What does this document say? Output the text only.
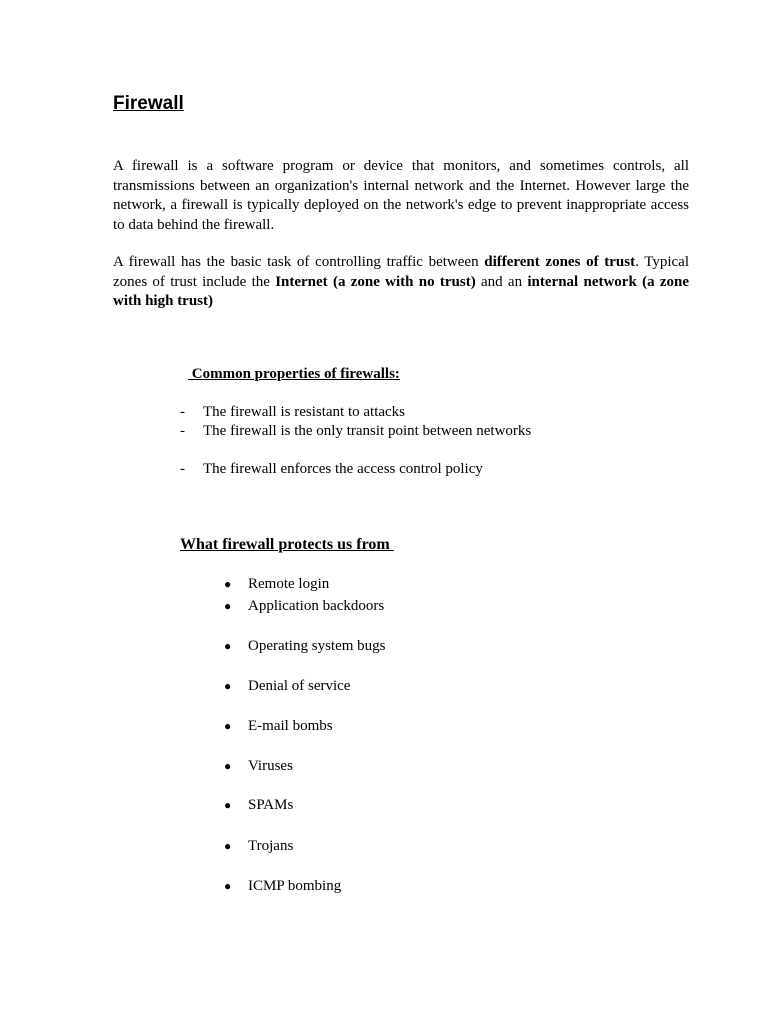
Firewall

A firewall is a software program or device that monitors, and sometimes controls, all transmissions between an organization's internal network and the Internet. However large the network, a firewall is typically deployed on the network's edge to prevent inappropriate access to data behind the firewall.

A firewall has the basic task of controlling traffic between different zones of trust. Typical zones of trust include the Internet (a zone with no trust) and an internal network (a zone with high trust)

Common properties of firewalls:
-	The firewall is resistant to attacks
-	The firewall is the only transit point between networks
-	The firewall enforces the access control policy
What firewall protects us from
●	Remote login
●	Application backdoors
●	Operating system bugs
●	Denial of service
●	E-mail bombs
●	Viruses
●	SPAMs
●	Trojans
●	ICMP bombing
